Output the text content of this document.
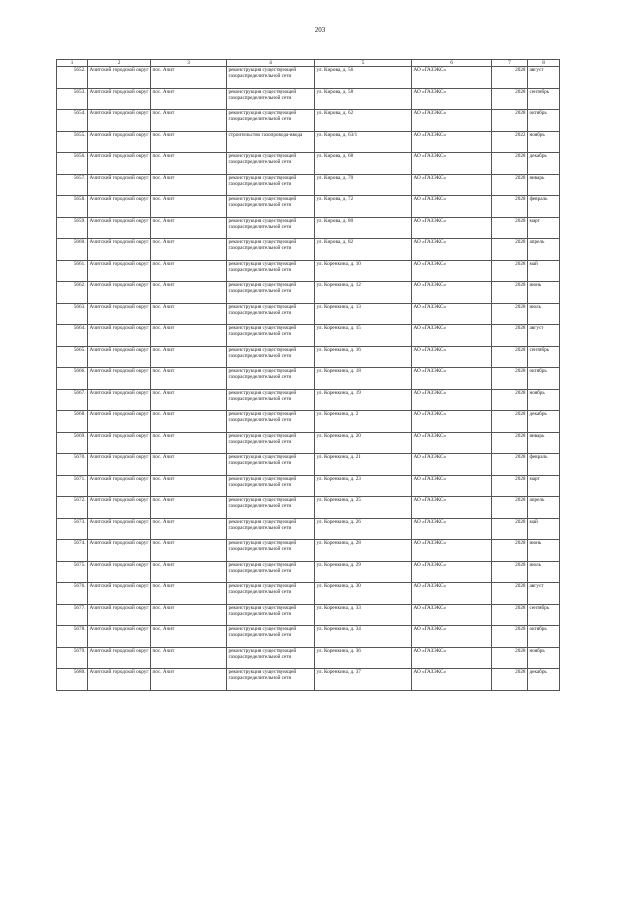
203
1	2	3	4	5	6	7	8
5652.	Ачитский городской округ	пос. Ачит	реконструкция существующей газораспределительной сети	ул. Кирова, д. 56	АО «ГАЗЭКС»	2028	август
5653.	Ачитский городской округ	пос. Ачит	реконструкция существующей газораспределительной сети	ул. Кирова, д. 58	АО «ГАЗЭКС»	2028	сентябрь
5654.	Ачитский городской округ	пос. Ачит	реконструкция существующей газораспределительной сети	ул. Кирова, д. 62	АО «ГАЗЭКС»	2028	октябрь
5655.	Ачитский городской округ	пос. Ачит	строительство газопровода-ввода	ул. Кирова, д. 63/1	АО «ГАЗЭКС»	2022	ноябрь
5656.	Ачитский городской округ	пос. Ачит	реконструкция существующей газораспределительной сети	ул. Кирова, д. 68	АО «ГАЗЭКС»	2028	декабрь
5657.	Ачитский городской округ	пос. Ачит	реконструкция существующей газораспределительной сети	ул. Кирова, д. 70	АО «ГАЗЭКС»	2028	январь
5658.	Ачитский городской округ	пос. Ачит	реконструкция существующей газораспределительной сети	ул. Кирова, д. 72	АО «ГАЗЭКС»	2028	февраль
5659.	Ачитский городской округ	пос. Ачит	реконструкция существующей газораспределительной сети	ул. Кирова, д. 80	АО «ГАЗЭКС»	2028	март
5660.	Ачитский городской округ	пос. Ачит	реконструкция существующей газораспределительной сети	ул. Кирова, д. 82	АО «ГАЗЭКС»	2028	апрель
5661.	Ачитский городской округ	пос. Ачит	реконструкция существующей газораспределительной сети	ул. Коренкина, д. 10	АО «ГАЗЭКС»	2028	май
5662.	Ачитский городской округ	пос. Ачит	реконструкция существующей газораспределительной сети	ул. Коренкина, д. 12	АО «ГАЗЭКС»	2028	июнь
5663.	Ачитский городской округ	пос. Ачит	реконструкция существующей газораспределительной сети	ул. Коренкина, д. 13	АО «ГАЗЭКС»	2028	июль
5664.	Ачитский городской округ	пос. Ачит	реконструкция существующей газораспределительной сети	ул. Коренкина, д. 15	АО «ГАЗЭКС»	2028	август
5665.	Ачитский городской округ	пос. Ачит	реконструкция существующей газораспределительной сети	ул. Коренкина, д. 16	АО «ГАЗЭКС»	2028	сентябрь
5666.	Ачитский городской округ	пос. Ачит	реконструкция существующей газораспределительной сети	ул. Коренкина, д. 18	АО «ГАЗЭКС»	2028	октябрь
5667.	Ачитский городской округ	пос. Ачит	реконструкция существующей газораспределительной сети	ул. Коренкина, д. 19	АО «ГАЗЭКС»	2028	ноябрь
5668.	Ачитский городской округ	пос. Ачит	реконструкция существующей газораспределительной сети	ул. Коренкина, д. 2	АО «ГАЗЭКС»	2028	декабрь
5669.	Ачитский городской округ	пос. Ачит	реконструкция существующей газораспределительной сети	ул. Коренкина, д. 20	АО «ГАЗЭКС»	2028	январь
5670.	Ачитский городской округ	пос. Ачит	реконструкция существующей газораспределительной сети	ул. Коренкина, д. 21	АО «ГАЗЭКС»	2028	февраль
5671.	Ачитский городской округ	пос. Ачит	реконструкция существующей газораспределительной сети	ул. Коренкина, д. 23	АО «ГАЗЭКС»	2028	март
5672.	Ачитский городской округ	пос. Ачит	реконструкция существующей газораспределительной сети	ул. Коренкина, д. 25	АО «ГАЗЭКС»	2028	апрель
5673.	Ачитский городской округ	пос. Ачит	реконструкция существующей газораспределительной сети	ул. Коренкина, д. 26	АО «ГАЗЭКС»	2028	май
5674.	Ачитский городской округ	пос. Ачит	реконструкция существующей газораспределительной сети	ул. Коренкина, д. 28	АО «ГАЗЭКС»	2028	июнь
5675.	Ачитский городской округ	пос. Ачит	реконструкция существующей газораспределительной сети	ул. Коренкина, д. 29	АО «ГАЗЭКС»	2028	июль
5676.	Ачитский городской округ	пос. Ачит	реконструкция существующей газораспределительной сети	ул. Коренкина, д. 30	АО «ГАЗЭКС»	2028	август
5677.	Ачитский городской округ	пос. Ачит	реконструкция существующей газораспределительной сети	ул. Коренкина, д. 33	АО «ГАЗЭКС»	2028	сентябрь
5678.	Ачитский городской округ	пос. Ачит	реконструкция существующей газораспределительной сети	ул. Коренкина, д. 34	АО «ГАЗЭКС»	2028	октябрь
5679.	Ачитский городской округ	пос. Ачит	реконструкция существующей газораспределительной сети	ул. Коренкина, д. 36	АО «ГАЗЭКС»	2028	ноябрь
5680.	Ачитский городской округ	пос. Ачит	реконструкция существующей газораспределительной сети	ул. Коренкина, д. 37	АО «ГАЗЭКС»	2028	декабрь
